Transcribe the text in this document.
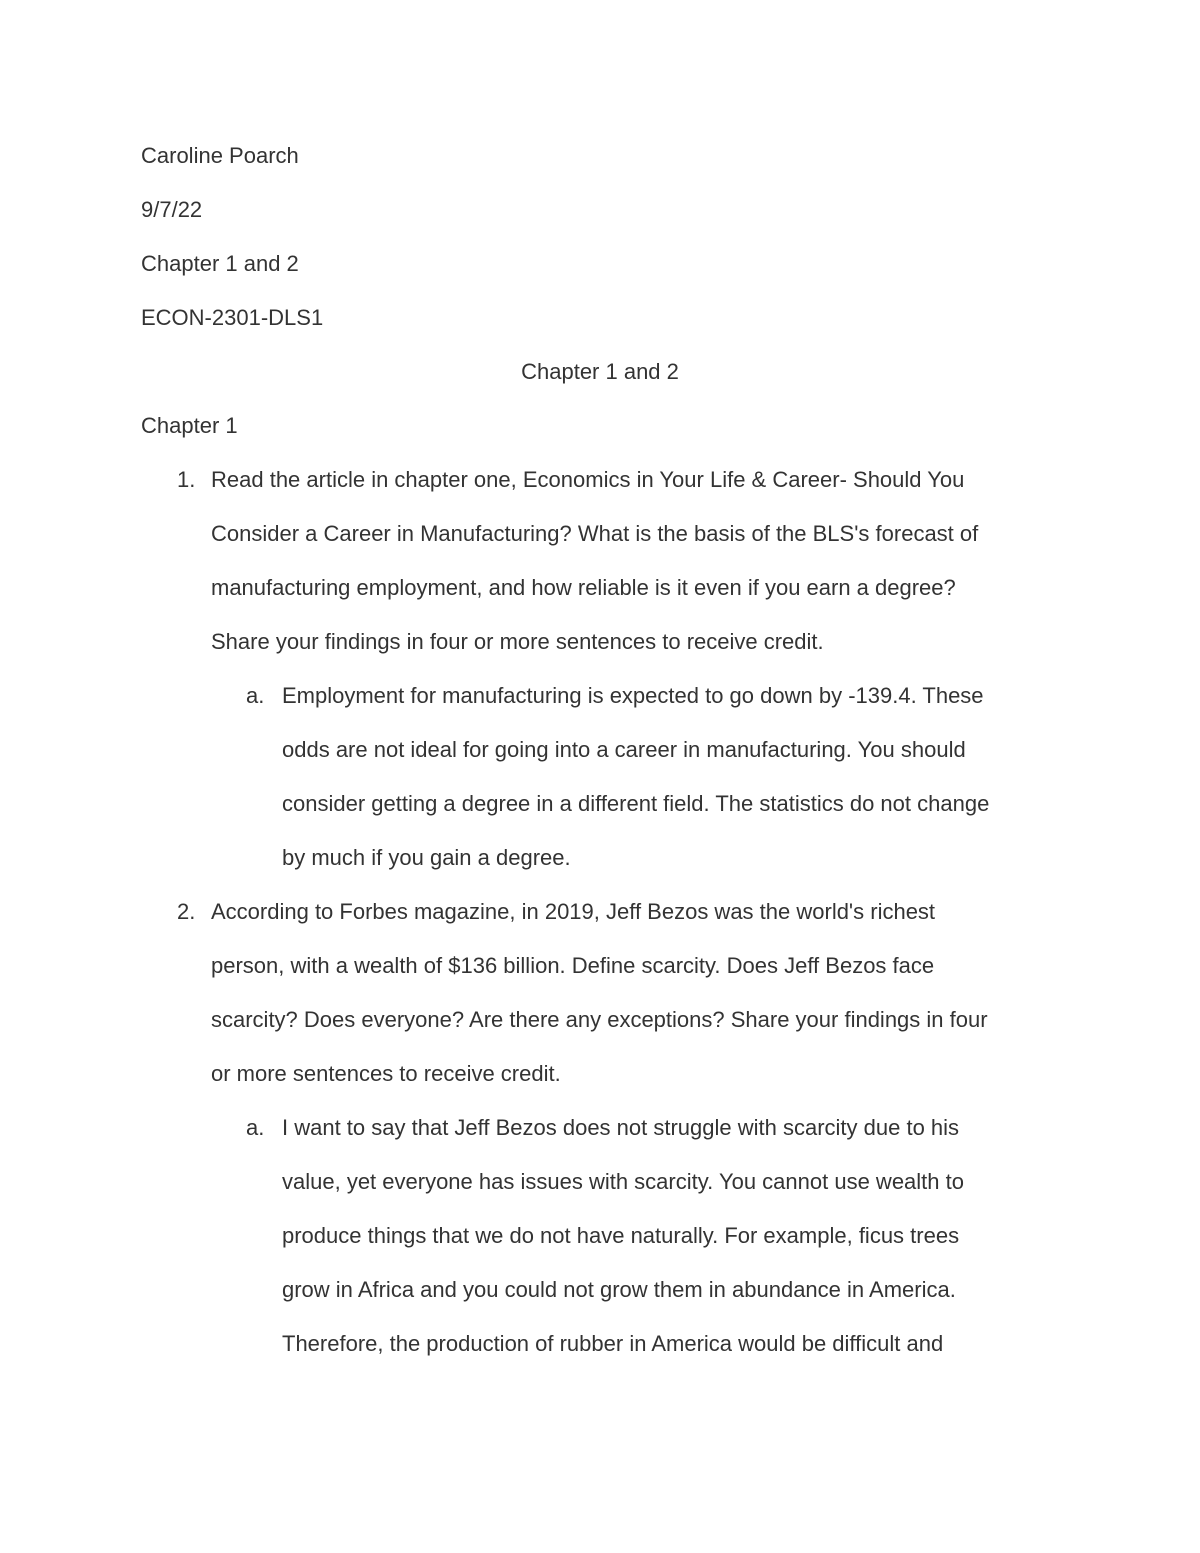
Caroline Poarch
9/7/22
Chapter 1 and 2
ECON-2301-DLS1
Chapter 1 and 2
Chapter 1
1. Read the article in chapter one, Economics in Your Life & Career- Should You
Consider a Career in Manufacturing? What is the basis of the BLS's forecast of
manufacturing employment, and how reliable is it even if you earn a degree?
Share your findings in four or more sentences to receive credit.
a. Employment for manufacturing is expected to go down by -139.4. These
odds are not ideal for going into a career in manufacturing. You should
consider getting a degree in a different field. The statistics do not change
by much if you gain a degree.
2. According to Forbes magazine, in 2019, Jeff Bezos was the world's richest
person, with a wealth of $136 billion. Define scarcity. Does Jeff Bezos face
scarcity? Does everyone? Are there any exceptions? Share your findings in four
or more sentences to receive credit.
a. I want to say that Jeff Bezos does not struggle with scarcity due to his
value, yet everyone has issues with scarcity. You cannot use wealth to
produce things that we do not have naturally. For example, ficus trees
grow in Africa and you could not grow them in abundance in America.
Therefore, the production of rubber in America would be difficult and
